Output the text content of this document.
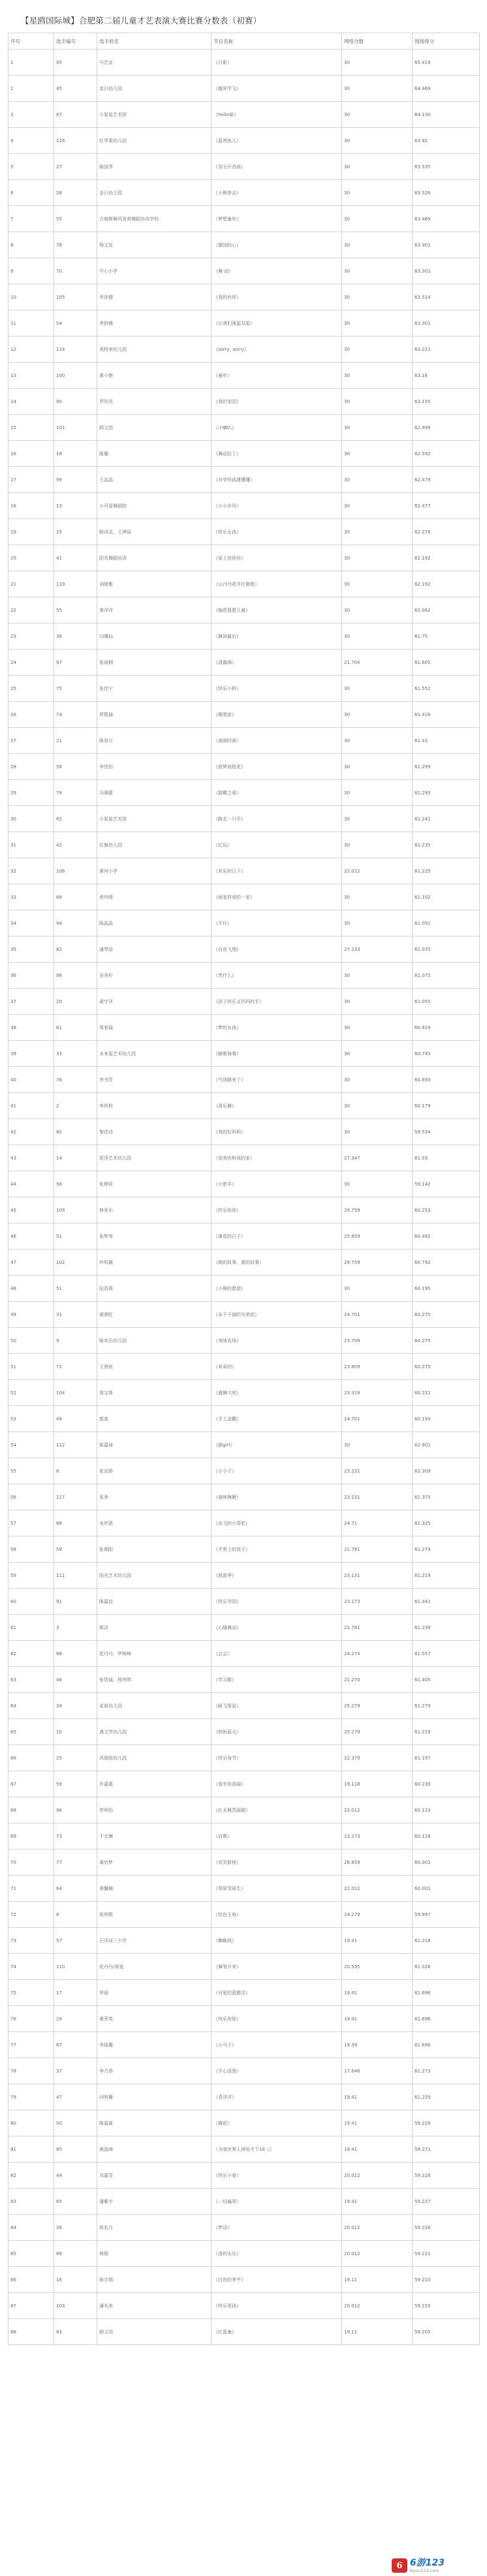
【星鸥国际城】合肥第二届儿童才艺表演大赛比赛分数表（初赛）
序号	选手编号	选手姓名	节目名称	网络分数	现场得分
1	95	马艺宣	《月影》	30	65.419
2	45	金日幼儿园	《越界学飞》	30	64.469
3	87	小星星艺术团	《hello春》	30	64.130
4	116	红苹果幼儿园	《蓝湾鱼儿》	30	63.92
5	27	陈国苓	《羽毛开音曲》	30	63.535
6	26	金日幼儿园	《小熊拳击》	30	63.526
7	55	合城斯舞风体育舞蹈培训学校	《梦想童年》	30	63.469
8	78	杨文宣	《德国的心》	30	63.301
9	70	中心小学	《舞·动》	30	63.301
10	105	李彦德	《我的伙伴》	30	63.514
11	54	李娇娜	《让我们荡起双桨》	30	63.301
12	114	英特来幼儿园	《sorry, sorry》	30	63.221
13	100	黄小艳	《童年》	30	63.16
14	90	罗昀炎	《我的家园》	30	63.155
15	101	顾文创	《小喇叭》	30	62.999
16	18	陈璐	《舞动拉丁》	30	62.592
17	99	王晶晶	《对学怀孤建懂懂》	30	62.479
18	13	小可爱舞蹈院	《小小乡风》	30	62.477
19	15	韩诗灵、王琪瑶	《快乐女孩》	30	62.276
20	41	阳光舞蹈培训	《爱上你你你》	30	62.192
21	119	刘晴雅	《山丹丹花开红艳艳》	30	62.192
22	55	黄洋洋	《编花篮愿儿童》	30	62.062
23	38	闫瑾仙	《舞到最后》	30	61.75
24	97	张雨桐	《清露绵》	21.704	61.605
25	75	张佳宁	《快乐小桥》	30	61.552
26	74	罗熙瑜	《歌唱家》	30	61.416
27	21	陈昊月	《春晓时画》	30	61.43
28	58	李佳怡	《放梦前程花》	30	61.299
29	79	冯湘蕾	《群蝶之春》	30	61.293
30	62	小星星艺术团	《跳走一只羊》	30	61.241
31	42	红旗幼儿园	《忆远》	30	61.235
32	106	黄河小学	《欢乐的日子》	22.012	61.225
33	68	章玲晴	《雨家祥爱的一家》	30	61.102
34	94	陈晶晶	《平仔》	30	61.091
35	82	潘琴语	《自由飞翔》	27.233	61.075
36	98	田美柠	《贵什么》	30	61.075
37	20	黄宇洋	《孩子快乐又玛玛的手》	30	61.055
38	61	周家瑜	《梦的女孩》	30	60.919
39	33	未来星艺术幼儿园	《蜂歌海秦》	30	60.745
40	76	李书芳	《气球跳来了》	30	60.693
41	2	李坦和	《喜乐舞》	30	60.179
42	80	黎佳诗	《我的好妈妈》	30	59.534
43	14	花浮艺术幼儿园	《爱我你和我的家》	27.347	61.03
44	56	张穆苗	《小肥羊》	30	59.142
45	109	林家乐	《快乐你你》	29.759	60.253
46	51	张梦等	《落花的日子》	25.859	60.492
47	102	朴明薇	《她的故事，素的故事》	29.759	60.792
48	51	阮浩燕	《小熊的愿望》	30	60.195
49	31	黄萱虹	《永不干涸的光荣花》	24.701	60.275
50	9	陈欢乐幼儿园	《美味农场》	23.709	60.275
51	72	王茜宸	《弟弟的》	23.809	60.275
52	104	周宝珠	《盛舞大吧》	23.319	60.231
53	48	郭莫	《手上金鹏》	24.701	60.154
54	112	陈嘉禄	《圆girl》	30	62.901
55	6	张宣龄	《小小子》	23.231	62.309
56	117	张养	《春映梅嬷》	23.231	61.375
57	88	龙世恩	《出飞的小青驼》	24.71	61.325
58	59	张瑞阳	《平常上的顶子》	21.781	61.279
59	111	阳光艺术幼儿园	《放游季》	23.131	61.219
60	91	陈嘉信	《快乐学园》	23.173	61.441
61	3	郭洁	《心随舞动》	21.781	61.239
62	66	花丹丹、罗树峰	《会会》	24.274	61.557
63	46	张智诚、杨伟琪	《学习歌》	21.270	61.405
64	34	星星幼儿园	《耐飞翠星》	25.279	61.279
65	10	龚文学幼儿园	《妈妈蓝天》	25.279	61.219
66	25	风瑞悦幼儿园	《快乐每节》	22.379	61.197
67	59	许嘉惠	《看军你香丽》	19.118	60.239
68	96	罗明怡	《红水熊苏丽圆》	22.012	60.123
69	73	于北琳	《启歌》	23.273	60.118
70	77	黄欣梦	《欢笑新枝》	26.859	60.001
71	64	黄馨楠	《草原雪驿生》	22.012	60.001
72	8	张明熙	《绘色主角》	24.279	59.997
73	57	石洋河三小学	《蜘蛛网》	19.41	61.218
74	110	花丹丹/蒂爱	《舞笔开来》	20.595	61.026
75	17	罗丽	《可爱的蓝精灵》	19.41	61.696
76	29	黄菲英	《快乐你你》	19.41	61.696
77	67	李瑶珊	《小马子》	19.39	61.696
78	37	李乃恭	《手心淡图》	17.646	61.273
79	47	问明珊	《青洋洋》	19.41	61.229
80	50	陈嘉霖	《舞花》	19.41	59.229
81	85	黄晶绵	《为我世界人得培才个18《》	19.41	59.271
82	44	邓嘉雪	《快乐小春》	20.012	59.228
83	65	潘紫宇	《一切遍界》	19.41	59.227
84	39	郎宏月	《梦话》	20.012	59.226
85	86	林娟	《清的水乐》	20.012	59.221
86	16	陈宇瑞	《白色的季乎》	19.11	59.210
87	103	潘光美	《快乐男孩》	20.012	59.210
88	83	顾文羽	《红蓝童》	19.11	59.205
6 6游123
6you123.com
